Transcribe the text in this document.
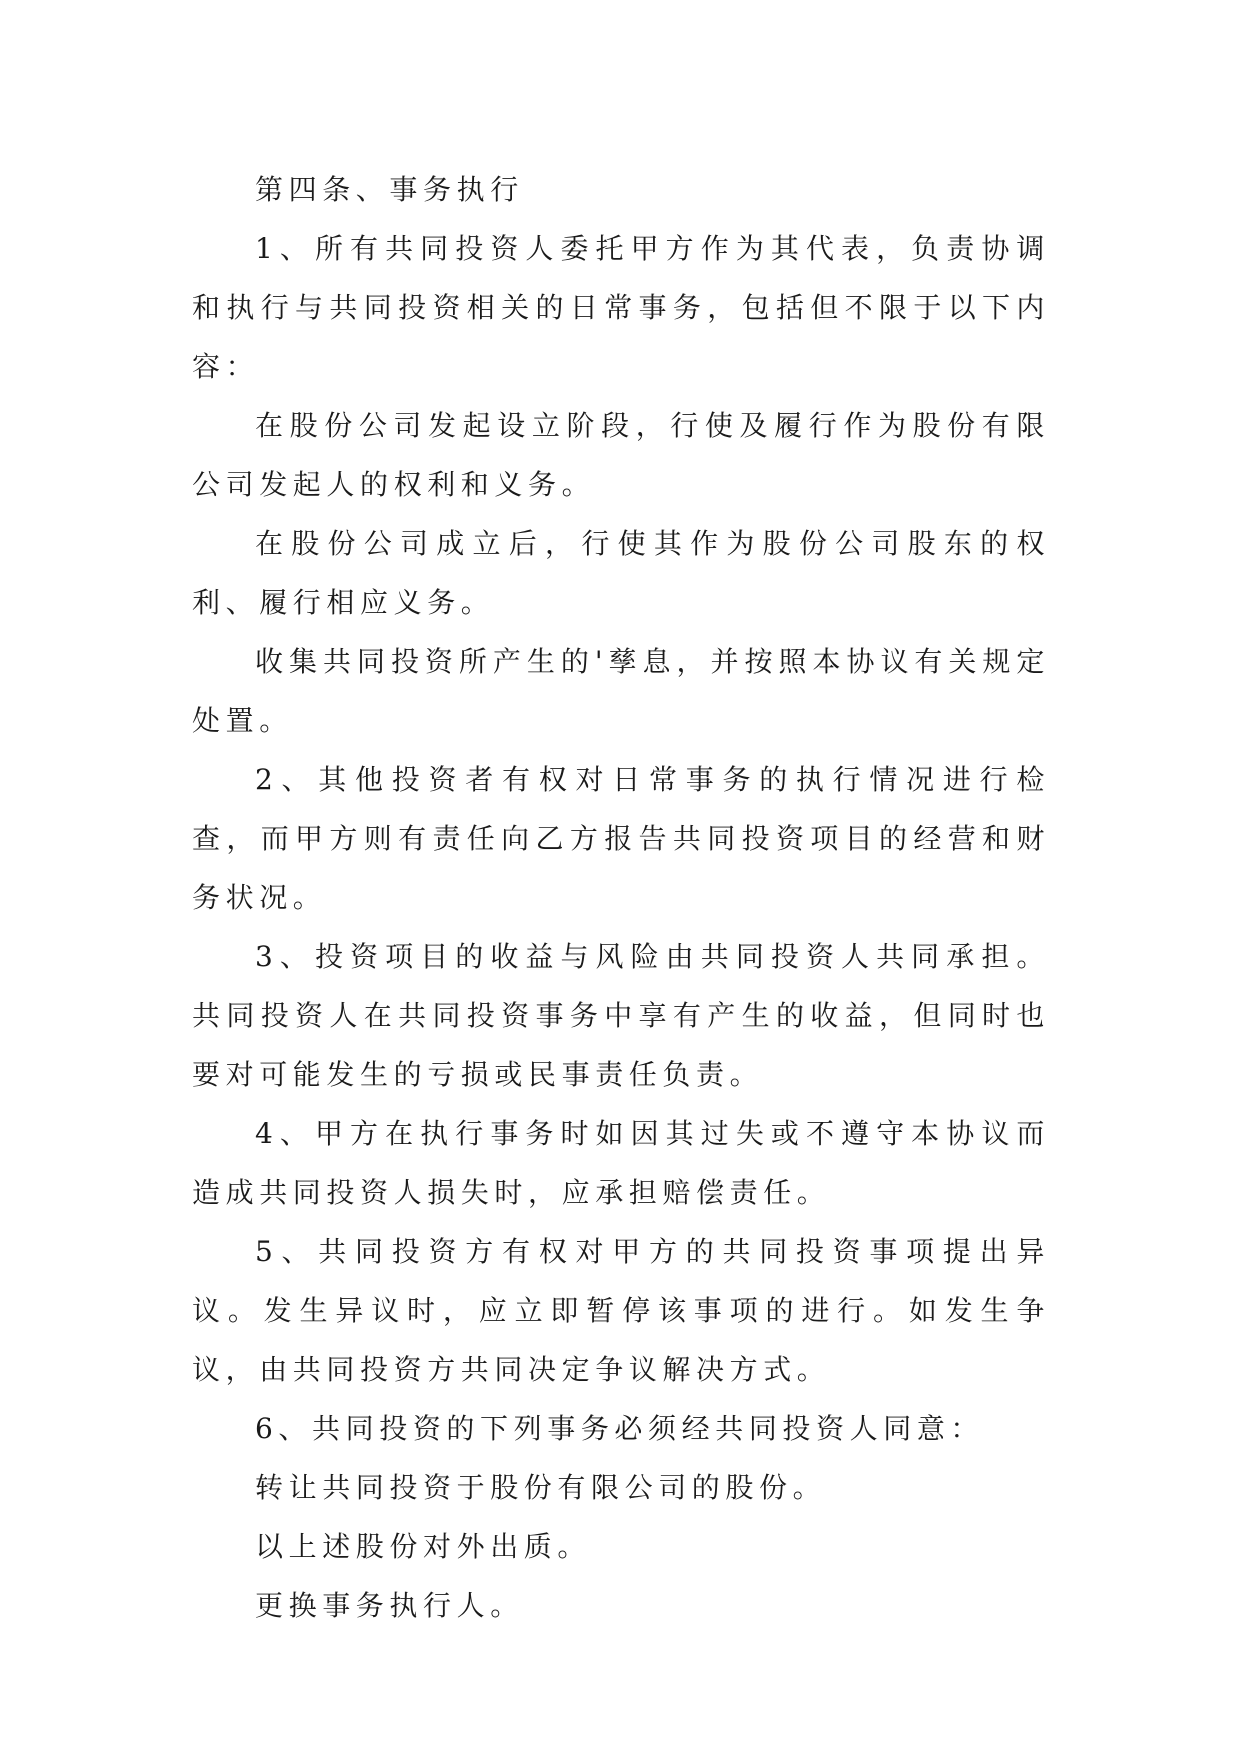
第四条、事务执行

1、所有共同投资人委托甲方作为其代表，负责协调和执行与共同投资相关的日常事务，包括但不限于以下内容：

在股份公司发起设立阶段，行使及履行作为股份有限公司发起人的权利和义务。

在股份公司成立后，行使其作为股份公司股东的权利、履行相应义务。

收集共同投资所产生的'孳息，并按照本协议有关规定处置。

2、其他投资者有权对日常事务的执行情况进行检查，而甲方则有责任向乙方报告共同投资项目的经营和财务状况。

3、投资项目的收益与风险由共同投资人共同承担。共同投资人在共同投资事务中享有产生的收益，但同时也要对可能发生的亏损或民事责任负责。

4、甲方在执行事务时如因其过失或不遵守本协议而造成共同投资人损失时，应承担赔偿责任。

5、共同投资方有权对甲方的共同投资事项提出异议。发生异议时，应立即暂停该事项的进行。如发生争议，由共同投资方共同决定争议解决方式。

6、共同投资的下列事务必须经共同投资人同意：

转让共同投资于股份有限公司的股份。

以上述股份对外出质。

更换事务执行人。
